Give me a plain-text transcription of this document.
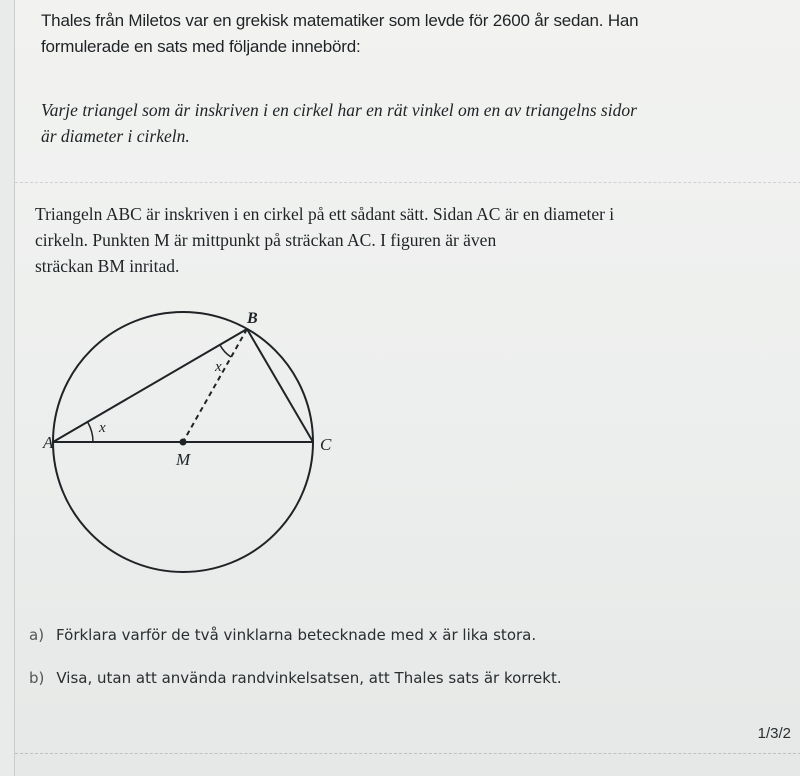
Thales från Miletos var en grekisk matematiker som levde för 2600 år sedan. Han
formulerade en sats med följande innebörd:
Varje triangel som är inskriven i en cirkel har en rät vinkel om en av triangelns sidor
är diameter i cirkeln.
Triangeln ABC är inskriven i en cirkel på ett sådant sätt. Sidan AC är en diameter i
cirkeln. Punkten M är mittpunkt på sträckan AC. I figuren är även
sträckan BM inritad.
A
B
C
M
x
x
a) Förklara varför de två vinklarna betecknade med x är lika stora.
b) Visa, utan att använda randvinkelsatsen, att Thales sats är korrekt.
1/3/2
